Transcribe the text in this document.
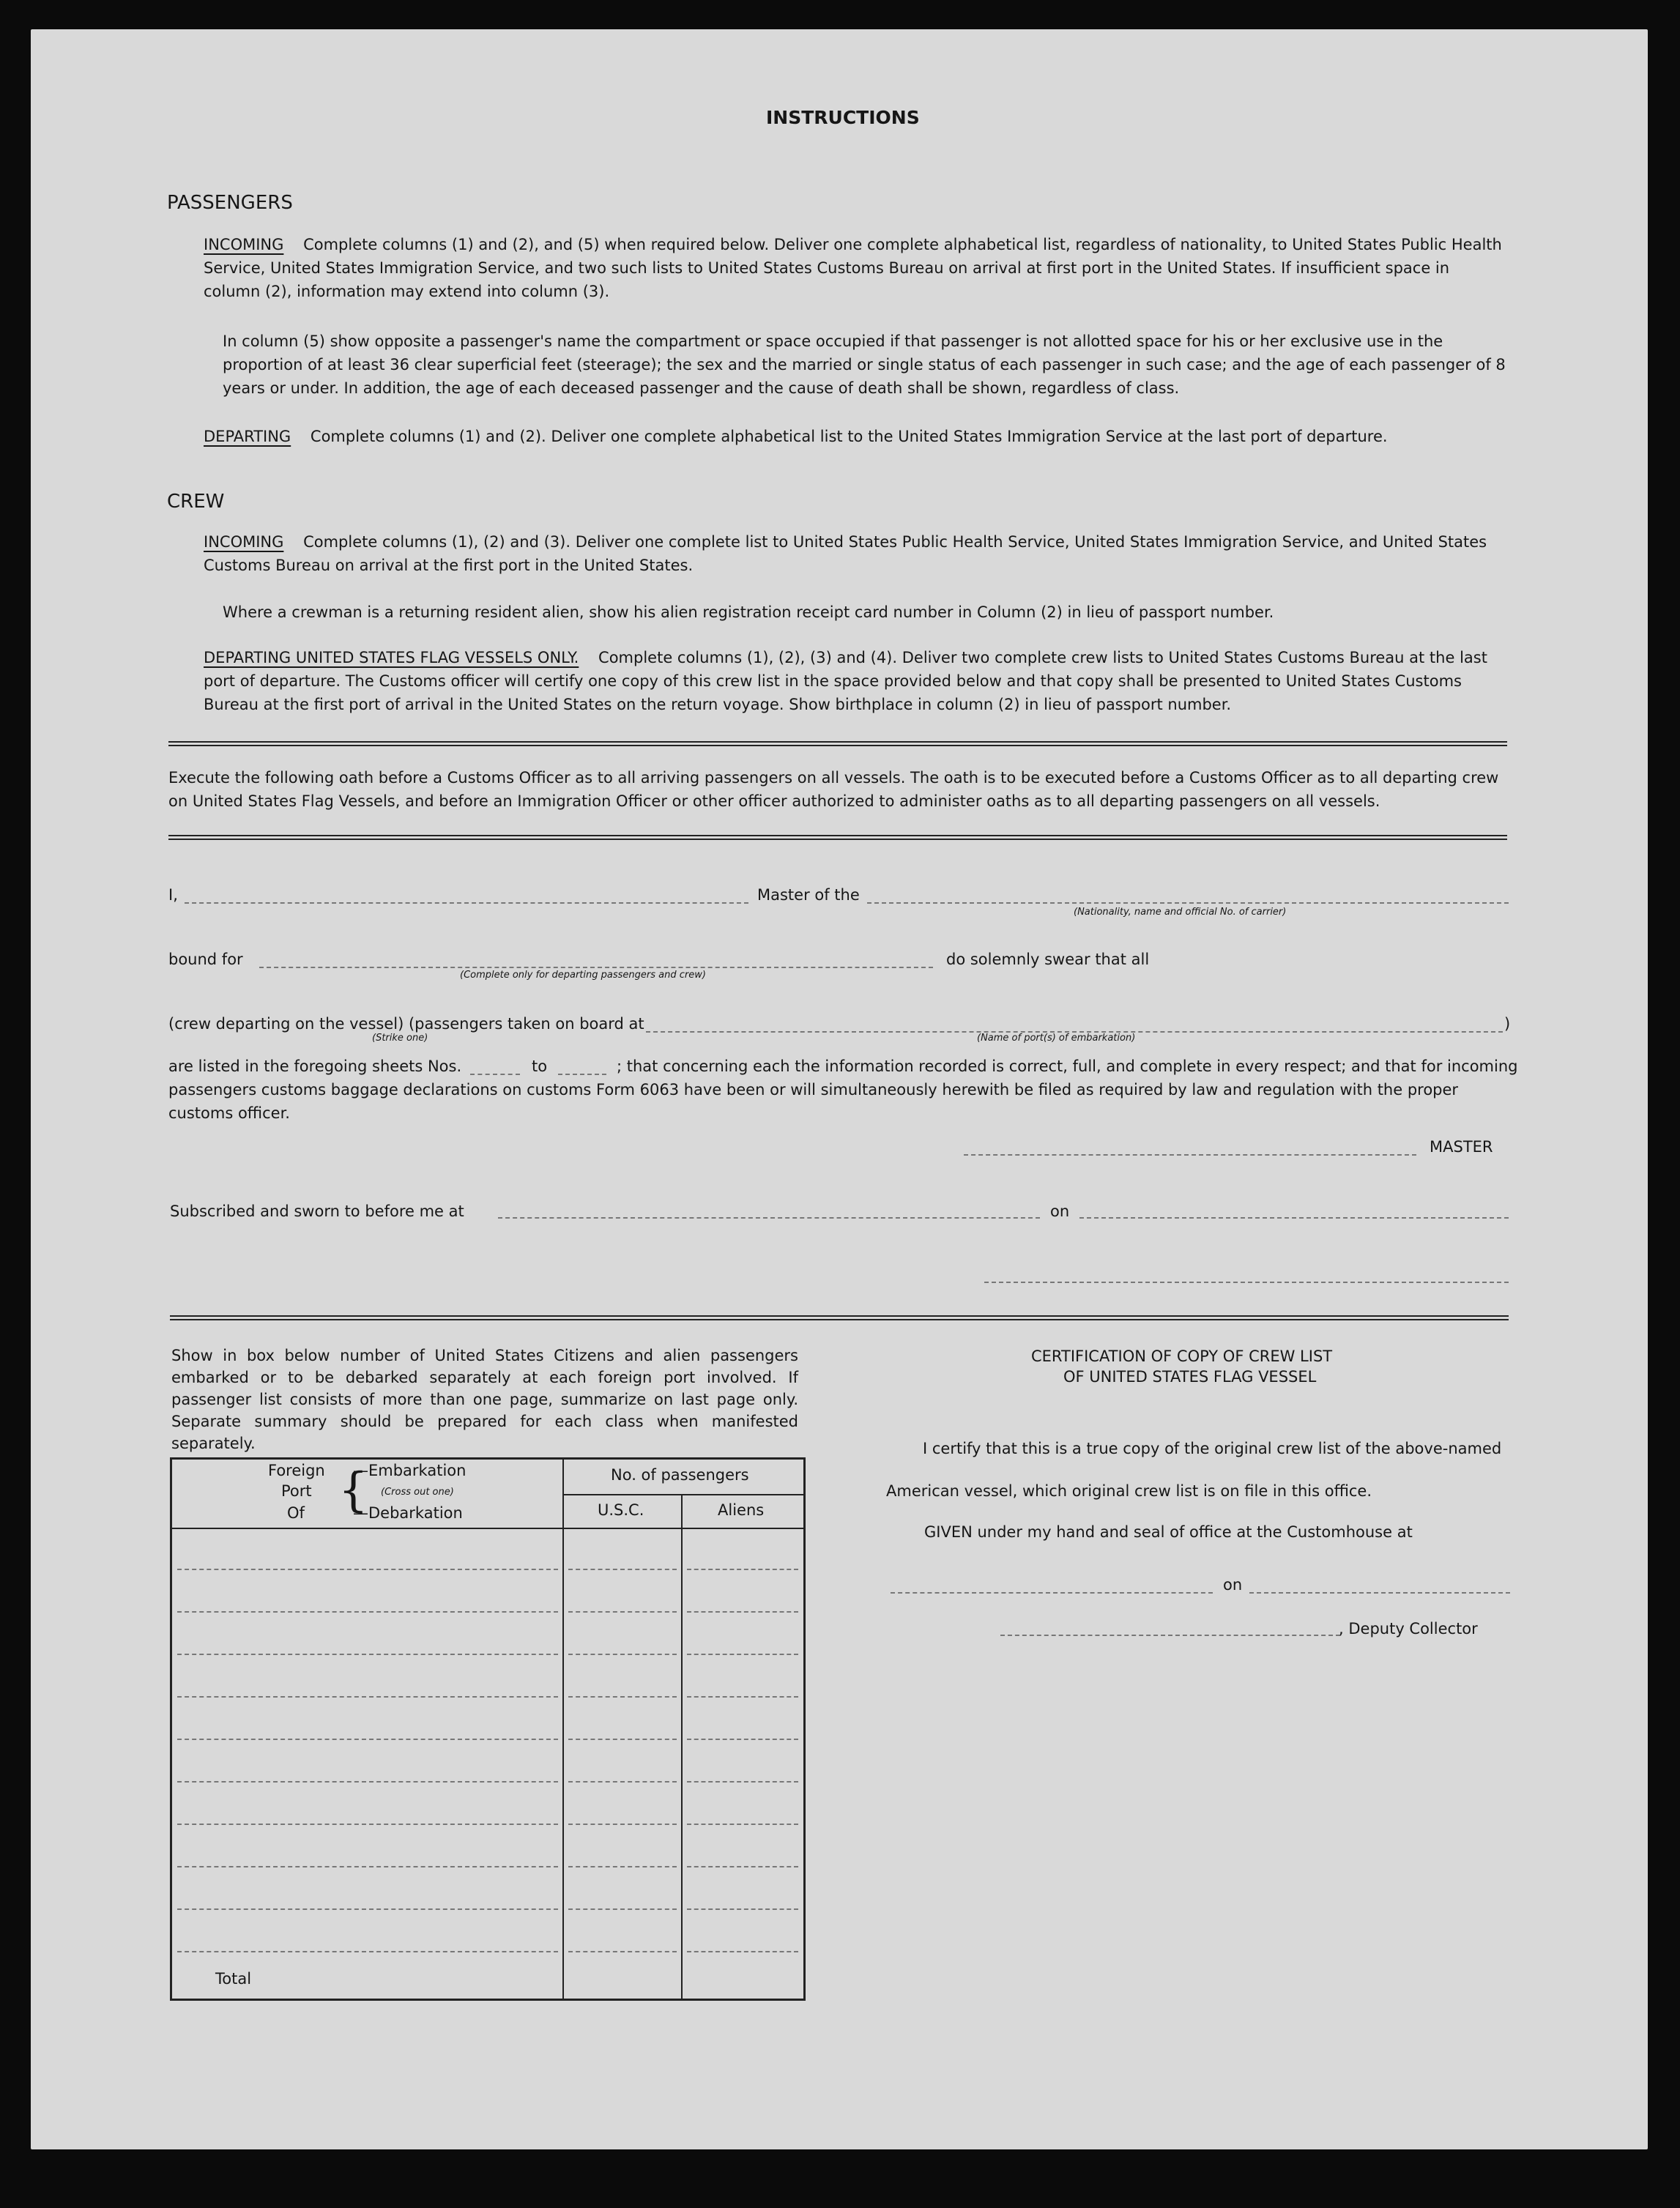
INSTRUCTIONS
PASSENGERS
INCOMING Complete columns (1) and (2), and (5) when required below. Deliver one complete alphabetical list, regardless of nationality, to United States Public Health Service, United States Immigration Service, and two such lists to United States Customs Bureau on arrival at first port in the United States. If insufficient space in column (2), information may extend into column (3).
In column (5) show opposite a passenger's name the compartment or space occupied if that passenger is not allotted space for his or her exclusive use in the proportion of at least 36 clear superficial feet (steerage); the sex and the married or single status of each passenger in such case; and the age of each passenger of 8 years or under. In addition, the age of each deceased passenger and the cause of death shall be shown, regardless of class.
DEPARTING Complete columns (1) and (2). Deliver one complete alphabetical list to the United States Immigration Service at the last port of departure.
CREW
INCOMING Complete columns (1), (2) and (3). Deliver one complete list to United States Public Health Service, United States Immigration Service, and United States Customs Bureau on arrival at the first port in the United States.
Where a crewman is a returning resident alien, show his alien registration receipt card number in Column (2) in lieu of passport number.
DEPARTING UNITED STATES FLAG VESSELS ONLY. Complete columns (1), (2), (3) and (4). Deliver two complete crew lists to United States Customs Bureau at the last port of departure. The Customs officer will certify one copy of this crew list in the space provided below and that copy shall be presented to United States Customs Bureau at the first port of arrival in the United States on the return voyage. Show birthplace in column (2) in lieu of passport number.
Execute the following oath before a Customs Officer as to all arriving passengers on all vessels. The oath is to be executed before a Customs Officer as to all departing crew on United States Flag Vessels, and before an Immigration Officer or other officer authorized to administer oaths as to all departing passengers on all vessels.
I,	Master of the
(Nationality, name and official No. of carrier)
bound for
(Complete only for departing passengers and crew)
do solemnly swear that all
(crew departing on the vessel) (passengers taken on board at
(Strike one)	(Name of port(s) of embarkation)
)
are listed in the foregoing sheets Nos.	to	; that concerning each the information recorded is correct, full, and complete in every respect; and that for incoming
passengers customs baggage declarations on customs Form 6063 have been or will simultaneously herewith be filed as required by law and regulation with the proper customs officer.
MASTER
Subscribed and sworn to before me at	on
Show in box below number of United States Citizens and alien passengers embarked or to be debarked separately at each foreign port involved. If passenger list consists of more than one page, summarize on last page only. Separate summary should be prepared for each class when manifested separately.
Foreign
Port
Of {
—Embarkation
(Cross out one)
—Debarkation
No. of passengers
U.S.C.	Aliens
Total
CERTIFICATION OF COPY OF CREW LIST
OF UNITED STATES FLAG VESSEL
I certify that this is a true copy of the original crew list of the above-named
American vessel, which original crew list is on file in this office.
GIVEN under my hand and seal of office at the Customhouse at
on
, Deputy Collector
